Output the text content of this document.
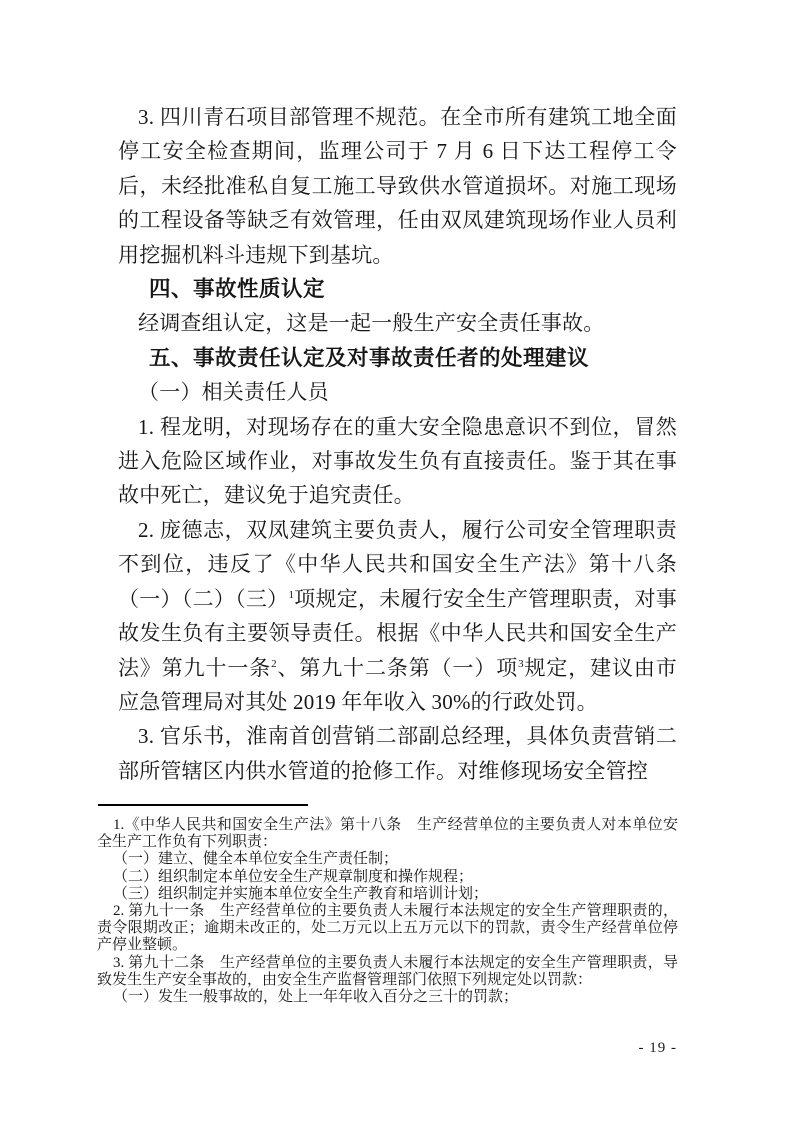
3. 四川青石项目部管理不规范。在全市所有建筑工地全面停工安全检查期间，监理公司于 7 月 6 日下达工程停工令后，未经批准私自复工施工导致供水管道损坏。对施工现场的工程设备等缺乏有效管理，任由双凤建筑现场作业人员利用挖掘机料斗违规下到基坑。

四、事故性质认定

经调查组认定，这是一起一般生产安全责任事故。

五、事故责任认定及对事故责任者的处理建议

（一）相关责任人员

1. 程龙明，对现场存在的重大安全隐患意识不到位，冒然进入危险区域作业，对事故发生负有直接责任。鉴于其在事故中死亡，建议免于追究责任。

2. 庞德志，双凤建筑主要负责人，履行公司安全管理职责不到位，违反了《中华人民共和国安全生产法》第十八条（一）（二）（三）$^1$项规定，未履行安全生产管理职责，对事故发生负有主要领导责任。根据《中华人民共和国安全生产法》第九十一条$^2$、第九十二条第（一）项$^3$规定，建议由市应急管理局对其处 2019 年年收入 30%的行政处罚。

3. 官乐书，淮南首创营销二部副总经理，具体负责营销二部所管辖区内供水管道的抢修工作。对维修现场安全管控

1.《中华人民共和国安全生产法》第十八条　生产经营单位的主要负责人对本单位安全生产工作负有下列职责：

（一）建立、健全本单位安全生产责任制；

（二）组织制定本单位安全生产规章制度和操作规程；

（三）组织制定并实施本单位安全生产教育和培训计划；

2. 第九十一条　生产经营单位的主要负责人未履行本法规定的安全生产管理职责的，责令限期改正；逾期未改正的，处二万元以上五万元以下的罚款，责令生产经营单位停产停业整顿。

3. 第九十二条　生产经营单位的主要负责人未履行本法规定的安全生产管理职责，导致发生生产安全事故的，由安全生产监督管理部门依照下列规定处以罚款：

（一）发生一般事故的，处上一年年收入百分之三十的罚款；

- 19 -
